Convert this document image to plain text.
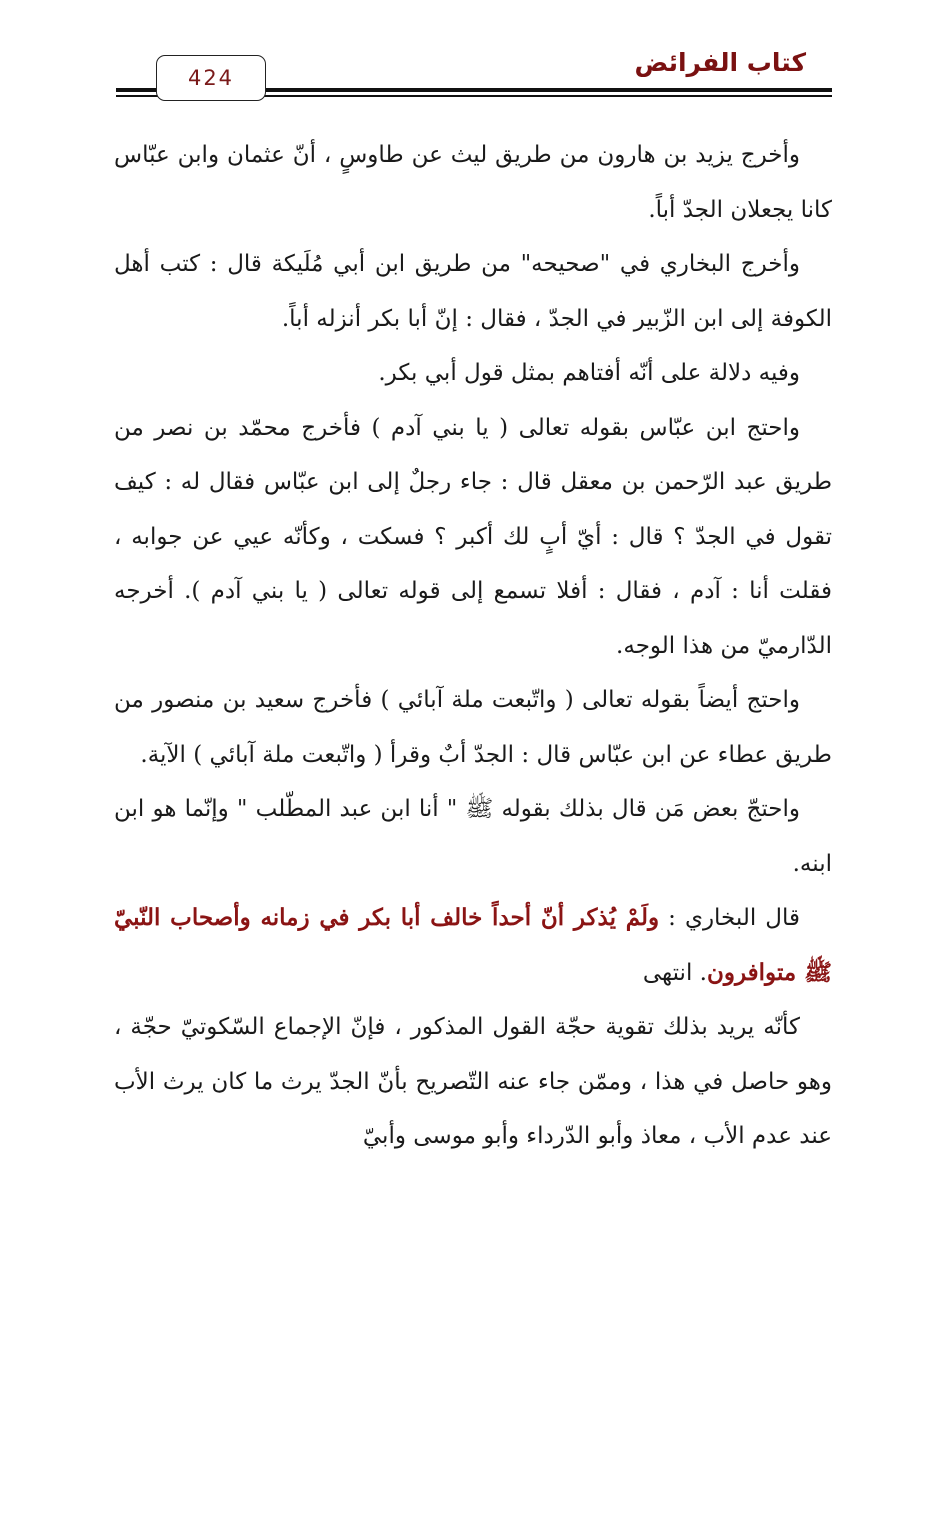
424
كتاب الفرائض

وأخرج يزيد بن هارون من طريق ليث عن طاوسٍ ، أنّ عثمان وابن عبّاس كانا يجعلان الجدّ أباً.

وأخرج البخاري في "صحيحه" من طريق ابن أبي مُلَيكة قال : كتب أهل الكوفة إلى ابن الزّبير في الجدّ ، فقال : إنّ أبا بكر أنزله أباً.

وفيه دلالة على أنّه أفتاهم بمثل قول أبي بكر.

واحتج ابن عبّاس بقوله تعالى ( يا بني آدم ) فأخرج محمّد بن نصر من طريق عبد الرّحمن بن معقل قال : جاء رجلٌ إلى ابن عبّاس فقال له : كيف تقول في الجدّ ؟ قال : أيّ أبٍ لك أكبر ؟ فسكت ، وكأنّه عيي عن جوابه ، فقلت أنا : آدم ، فقال : أفلا تسمع إلى قوله تعالى ( يا بني آدم ). أخرجه الدّارميّ من هذا الوجه.

واحتج أيضاً بقوله تعالى ( واتّبعت ملة آبائي ) فأخرج سعيد بن منصور من طريق عطاء عن ابن عبّاس قال : الجدّ أبٌ وقرأ ( واتّبعت ملة آبائي ) الآية.

واحتجّ بعض مَن قال بذلك بقوله ﷺ " أنا ابن عبد المطّلب " وإنّما هو ابن ابنه.

قال البخاري : ولَمْ يُذكر أنّ أحداً خالف أبا بكر في زمانه وأصحاب النّبيّ ﷺ متوافرون. انتهى

كأنّه يريد بذلك تقوية حجّة القول المذكور ، فإنّ الإجماع السّكوتيّ حجّة ، وهو حاصل في هذا ، وممّن جاء عنه التّصريح بأنّ الجدّ يرث ما كان يرث الأب عند عدم الأب ، معاذ وأبو الدّرداء وأبو موسى وأبيّ
